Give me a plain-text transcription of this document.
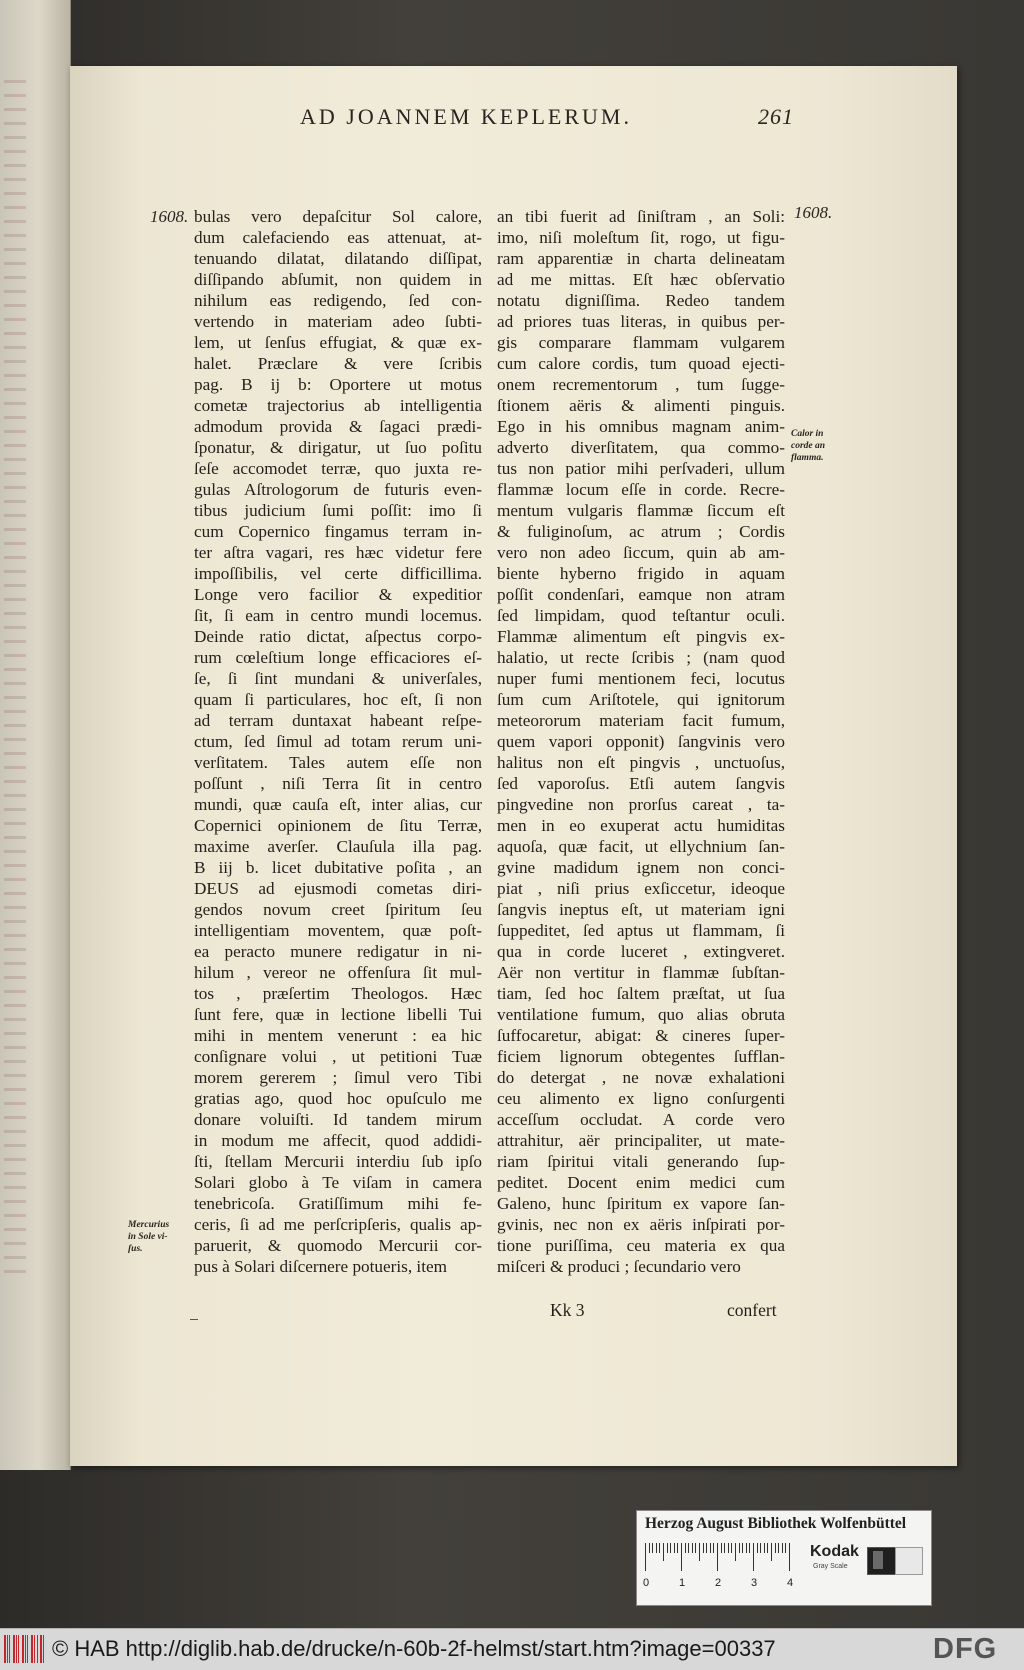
AD JOANNEM KEPLERUM.	261
1608.	1608.
bulas vero depaſcitur Sol calore,
dum calefaciendo eas attenuat, at-
tenuando dilatat, dilatando diſſipat,
diſſipando abſumit, non quidem in
nihilum eas redigendo, ſed con-
vertendo in materiam adeo ſubti-
lem, ut ſenſus effugiat, & quæ ex-
halet. Præclare & vere ſcribis
pag. B ij b: Oportere ut motus
cometæ trajectorius ab intelligentia
admodum provida & ſagaci prædi-
ſponatur, & dirigatur, ut ſuo poſitu
ſeſe accomodet terræ, quo juxta re-
gulas Aſtrologorum de futuris even-
tibus judicium ſumi poſſit: imo ſi
cum Copernico fingamus terram in-
ter aſtra vagari, res hæc videtur fere
impoſſibilis, vel certe difficillima.
Longe vero facilior & expeditior
ſit, ſi eam in centro mundi locemus.
Deinde ratio dictat, aſpectus corpo-
rum cœleſtium longe efficaciores eſ-
ſe, ſi ſint mundani & univerſales,
quam ſi particulares, hoc eſt, ſi non
ad terram duntaxat habeant reſpe-
ctum, ſed ſimul ad totam rerum uni-
verſitatem. Tales autem eſſe non
poſſunt , niſi Terra ſit in centro
mundi, quæ cauſa eſt, inter alias, cur
Copernici opinionem de ſitu Terræ,
maxime averſer. Clauſula illa pag.
B iij b. licet dubitative poſita , an
DEUS ad ejusmodi cometas diri-
gendos novum creet ſpiritum ſeu
intelligentiam moventem, quæ poſt-
ea peracto munere redigatur in ni-
hilum , vereor ne offenſura ſit mul-
tos , præſertim Theologos. Hæc
ſunt fere, quæ in lectione libelli Tui
mihi in mentem venerunt : ea hic
conſignare volui , ut petitioni Tuæ
morem gererem ; ſimul vero Tibi
gratias ago, quod hoc opuſculo me
donare voluiſti. Id tandem mirum
in modum me affecit, quod addidi-
ſti, ſtellam Mercurii interdiu ſub ipſo
Solari globo à Te viſam in camera
tenebricoſa. Gratiſſimum mihi fe-
ceris, ſi ad me perſcripſeris, qualis ap-
paruerit, & quomodo Mercurii cor-
pus à Solari diſcernere potueris, item
an tibi fuerit ad ſiniſtram , an Soli:
imo, niſi moleſtum ſit, rogo, ut figu-
ram apparentiæ in charta delineatam
ad me mittas. Eſt hæc obſervatio
notatu digniſſima. Redeo tandem
ad priores tuas literas, in quibus per-
gis comparare flammam vulgarem
cum calore cordis, tum quoad ejecti-
onem recrementorum , tum ſugge-
ſtionem aëris & alimenti pinguis.
Ego in his omnibus magnam anim-
adverto diverſitatem, qua commo-
tus non patior mihi perſvaderi, ullum
flammæ locum eſſe in corde. Recre-
mentum vulgaris flammæ ſiccum eſt
& fuliginoſum, ac atrum ; Cordis
vero non adeo ſiccum, quin ab am-
biente hyberno frigido in aquam
poſſit condenſari, eamque non atram
ſed limpidam, quod teſtantur oculi.
Flammæ alimentum eſt pingvis ex-
halatio, ut recte ſcribis ; (nam quod
nuper fumi mentionem feci, locutus
ſum cum Ariſtotele, qui ignitorum
meteororum materiam facit fumum,
quem vapori opponit) ſangvinis vero
halitus non eſt pingvis , unctuoſus,
ſed vaporoſus. Etſi autem ſangvis
pingvedine non prorſus careat , ta-
men in eo exuperat actu humiditas
aquoſa, quæ facit, ut ellychnium ſan-
gvine madidum ignem non conci-
piat , niſi prius exſiccetur, ideoque
ſangvis ineptus eſt, ut materiam igni
ſuppeditet, ſed aptus ut flammam, ſi
qua in corde luceret , extingveret.
Aër non vertitur in flammæ ſubſtan-
tiam, ſed hoc ſaltem præſtat, ut ſua
ventilatione fumum, quo alias obruta
ſuffocaretur, abigat: & cineres ſuper-
ficiem lignorum obtegentes ſufflan-
do detergat , ne novæ exhalationi
ceu alimento ex ligno conſurgenti
acceſſum occludat. A corde vero
attrahitur, aër principaliter, ut mate-
riam ſpiritui vitali generando ſup-
peditet. Docent enim medici cum
Galeno, hunc ſpiritum ex vapore ſan-
gvinis, nec non ex aëris inſpirati por-
tione puriſſima, ceu materia ex qua
miſceri & produci ; ſecundario vero
Calor in
corde an
flamma.
Mercurius
in Sole vi-
ſus.
Kk 3	confert
Herzog August Bibliothek Wolfenbüttel
0	1	2	3	4
Kodak
Gray Scale
© HAB http://diglib.hab.de/drucke/n-60b-2f-helmst/start.htm?image=00337	DFG
